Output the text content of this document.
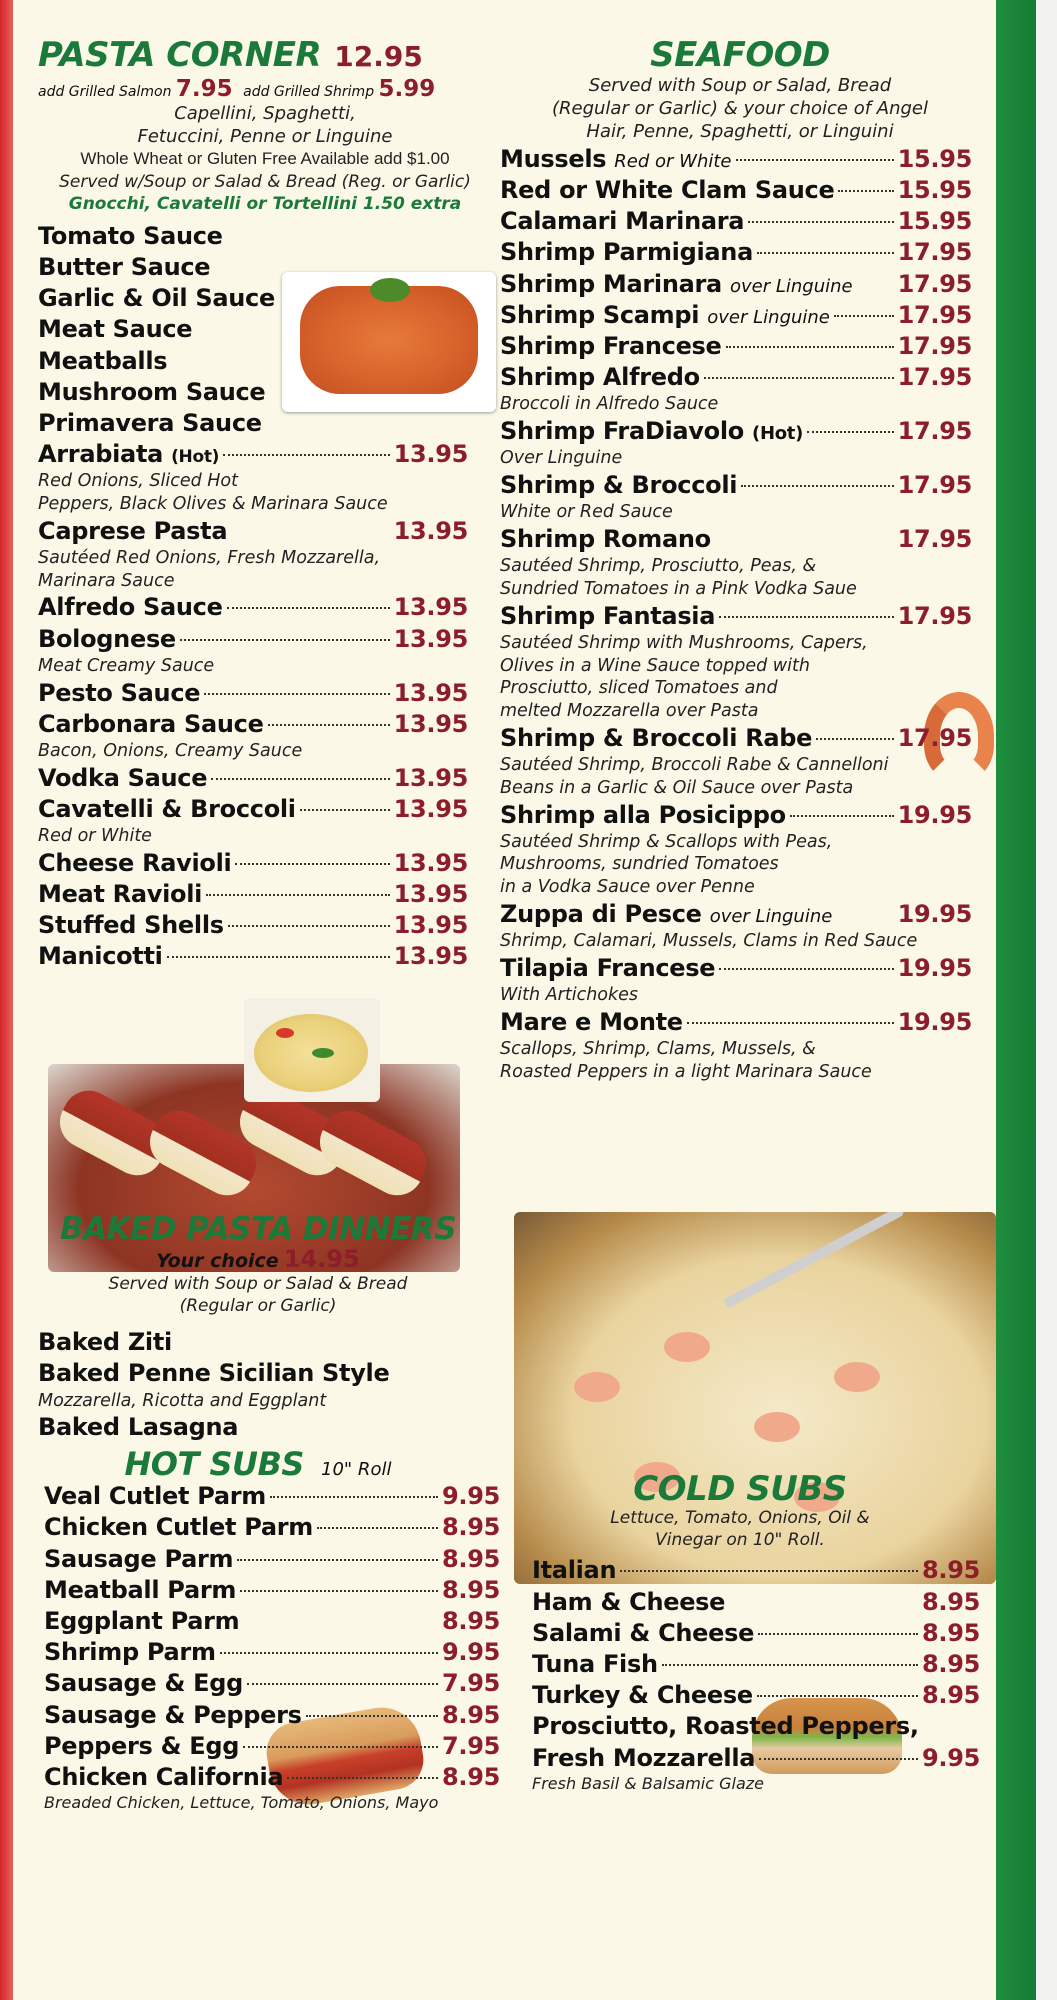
PASTA CORNER 12.95
add Grilled Salmon 7.95 add Grilled Shrimp 5.99
Capellini, Spaghetti,
Fetuccini, Penne or Linguine
Whole Wheat or Gluten Free Available add $1.00
Served w/Soup or Salad & Bread (Reg. or Garlic)
Gnocchi, Cavatelli or Tortellini 1.50 extra
Tomato Sauce
Butter Sauce
Garlic & Oil Sauce
Meat Sauce
Meatballs
Mushroom Sauce
Primavera Sauce
Arrabiata (Hot)	13.95
Red Onions, Sliced Hot
Peppers, Black Olives & Marinara Sauce
Caprese Pasta	13.95
Sautéed Red Onions, Fresh Mozzarella,
Marinara Sauce
Alfredo Sauce	13.95
Bolognese	13.95
Meat Creamy Sauce
Pesto Sauce	13.95
Carbonara Sauce	13.95
Bacon, Onions, Creamy Sauce
Vodka Sauce	13.95
Cavatelli & Broccoli	13.95
Red or White
Cheese Ravioli	13.95
Meat Ravioli	13.95
Stuffed Shells	13.95
Manicotti	13.95
BAKED PASTA DINNERS
Your choice 14.95
Served with Soup or Salad & Bread
(Regular or Garlic)
Baked Ziti
Baked Penne Sicilian Style
Mozzarella, Ricotta and Eggplant
Baked Lasagna
HOT SUBS 10" Roll
Veal Cutlet Parm	9.95
Chicken Cutlet Parm	8.95
Sausage Parm	8.95
Meatball Parm	8.95
Eggplant Parm	8.95
Shrimp Parm	9.95
Sausage & Egg	7.95
Sausage & Peppers	8.95
Peppers & Egg	7.95
Chicken California	8.95
Breaded Chicken, Lettuce, Tomato, Onions, Mayo
SEAFOOD
Served with Soup or Salad, Bread
(Regular or Garlic) & your choice of Angel
Hair, Penne, Spaghetti, or Linguini
Mussels Red or White	15.95
Red or White Clam Sauce	15.95
Calamari Marinara	15.95
Shrimp Parmigiana	17.95
Shrimp Marinara over Linguine 17.95
Shrimp Scampi over Linguine	17.95
Shrimp Francese	17.95
Shrimp Alfredo	17.95
Broccoli in Alfredo Sauce
Shrimp FraDiavolo (Hot)	17.95
Over Linguine
Shrimp & Broccoli	17.95
White or Red Sauce
Shrimp Romano	17.95
Sautéed Shrimp, Prosciutto, Peas, &
Sundried Tomatoes in a Pink Vodka Saue
Shrimp Fantasia	17.95
Sautéed Shrimp with Mushrooms, Capers,
Olives in a Wine Sauce topped with
Prosciutto, sliced Tomatoes and
melted Mozzarella over Pasta
Shrimp & Broccoli Rabe	17.95
Sautéed Shrimp, Broccoli Rabe & Cannelloni
Beans in a Garlic & Oil Sauce over Pasta
Shrimp alla Posicippo	19.95
Sautéed Shrimp & Scallops with Peas,
Mushrooms, sundried Tomatoes
in a Vodka Sauce over Penne
Zuppa di Pesce over Linguine	19.95
Shrimp, Calamari, Mussels, Clams in Red Sauce
Tilapia Francese	19.95
With Artichokes
Mare e Monte	19.95
Scallops, Shrimp, Clams, Mussels, &
Roasted Peppers in a light Marinara Sauce
COLD SUBS
Lettuce, Tomato, Onions, Oil &
Vinegar on 10" Roll.
Italian	8.95
Ham & Cheese	8.95
Salami & Cheese	8.95
Tuna Fish	8.95
Turkey & Cheese	8.95
Prosciutto, Roasted Peppers,
Fresh Mozzarella	9.95
Fresh Basil & Balsamic Glaze
